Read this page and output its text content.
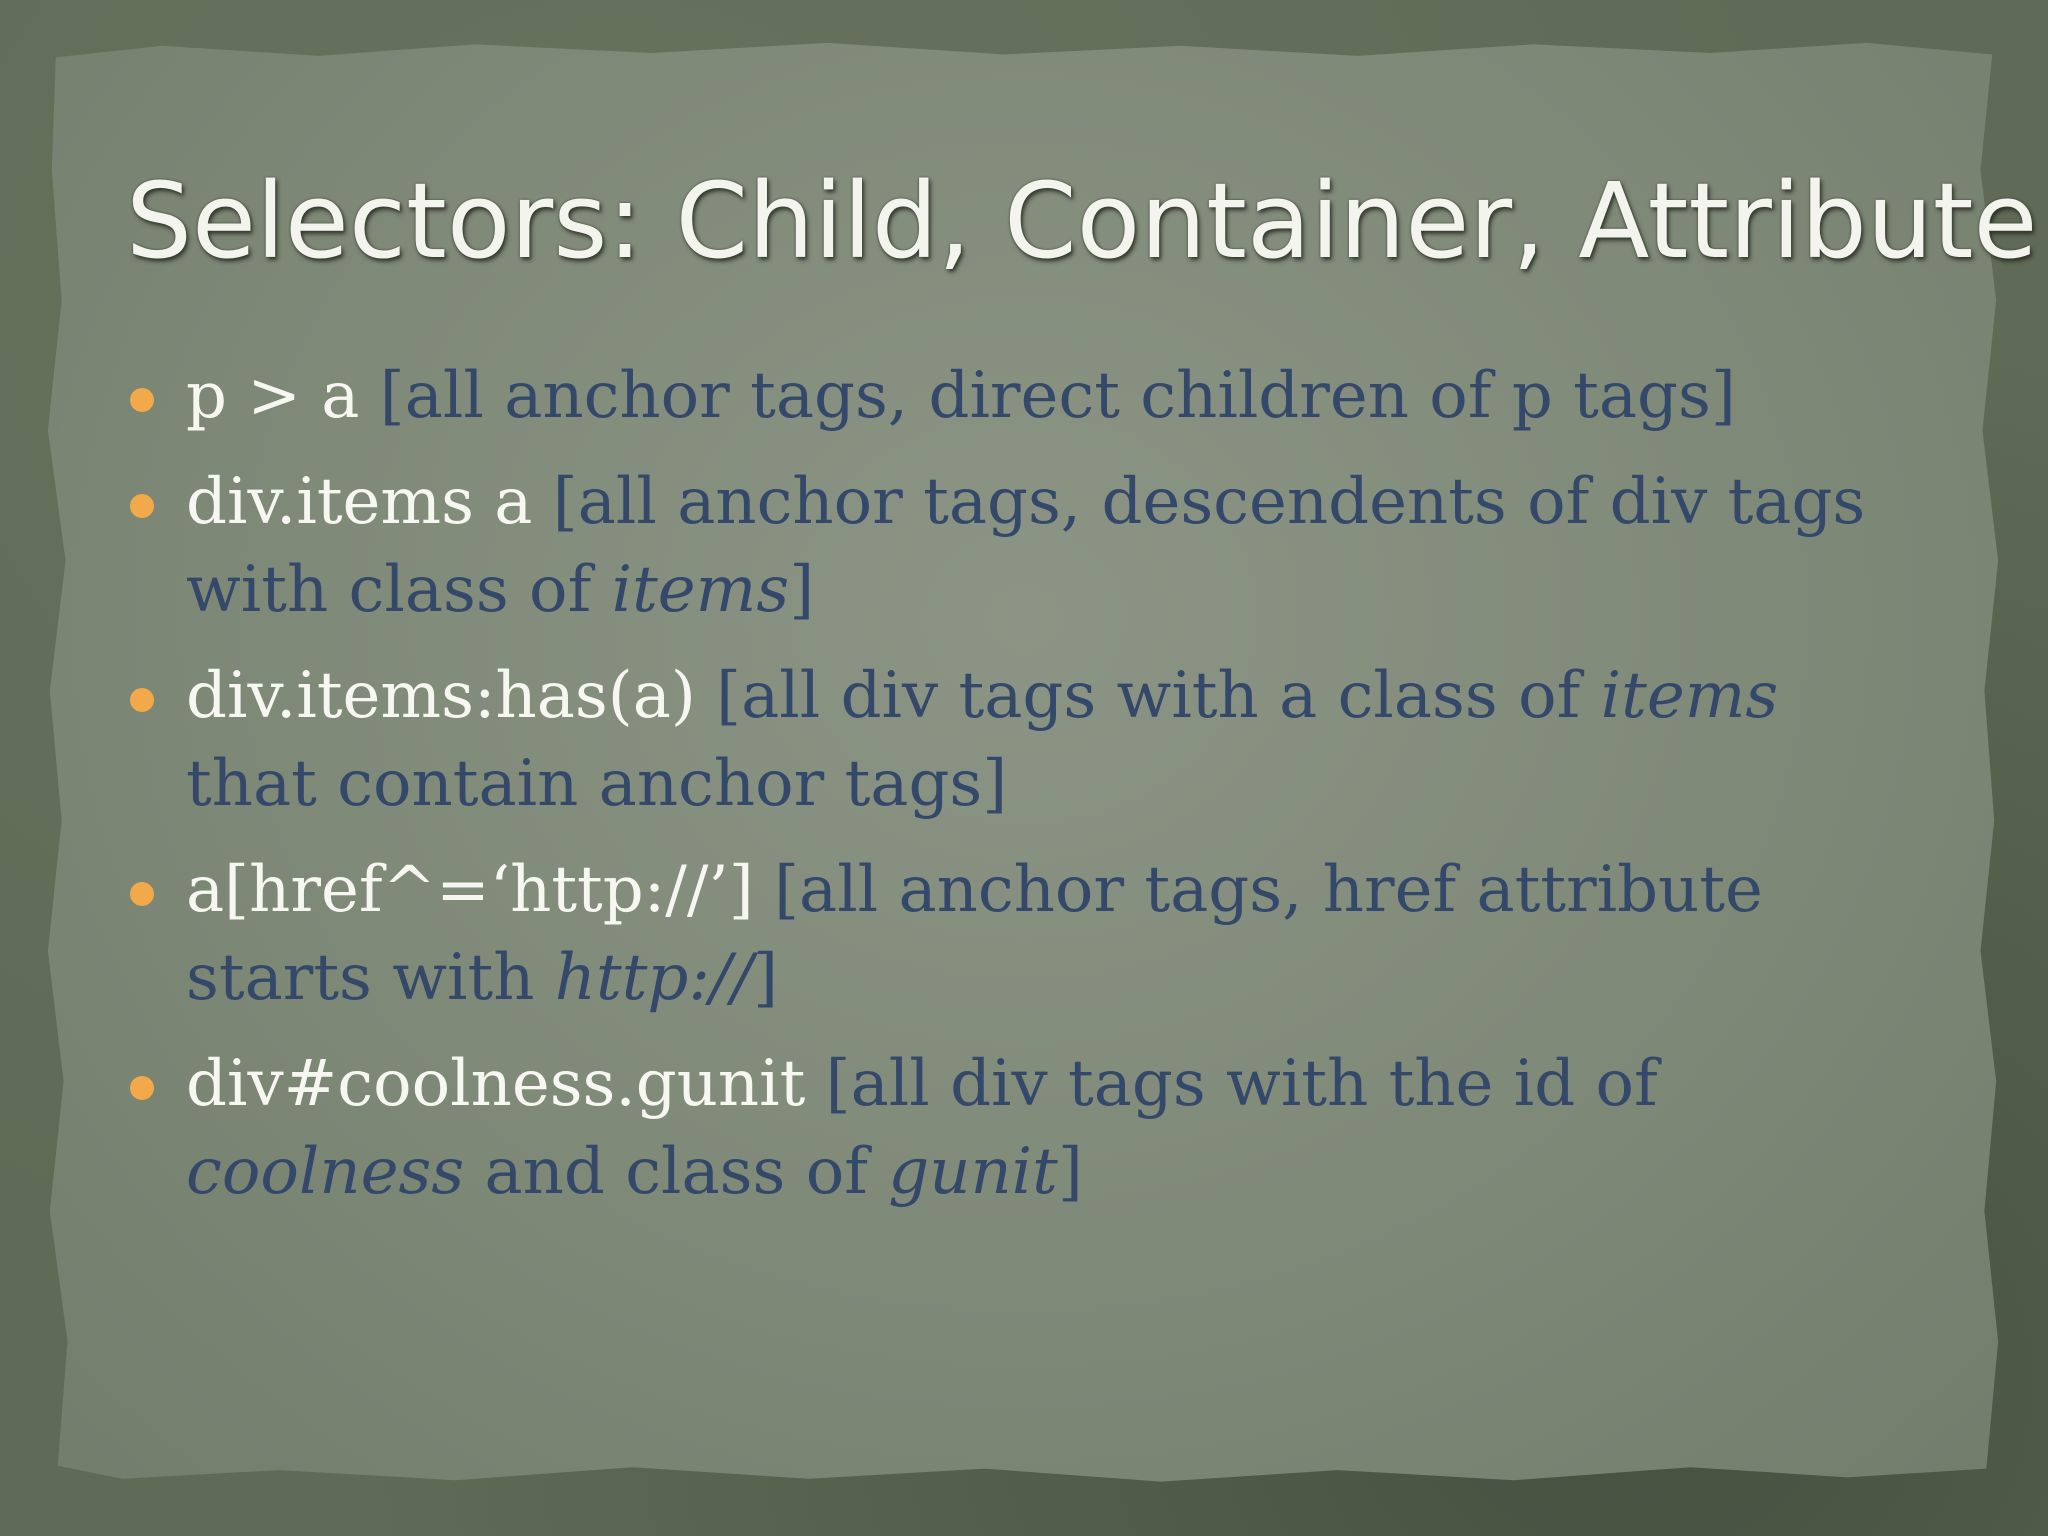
Selectors: Child, Container, Attribute
p > a [all anchor tags, direct children of p tags]
div.items a [all anchor tags, descendents of div tags with class of items]
div.items:has(a) [all div tags with a class of items that contain anchor tags]
a[href^=‘http://’] [all anchor tags, href attribute starts with http://]
div#coolness.gunit [all div tags with the id of coolness and class of gunit]
